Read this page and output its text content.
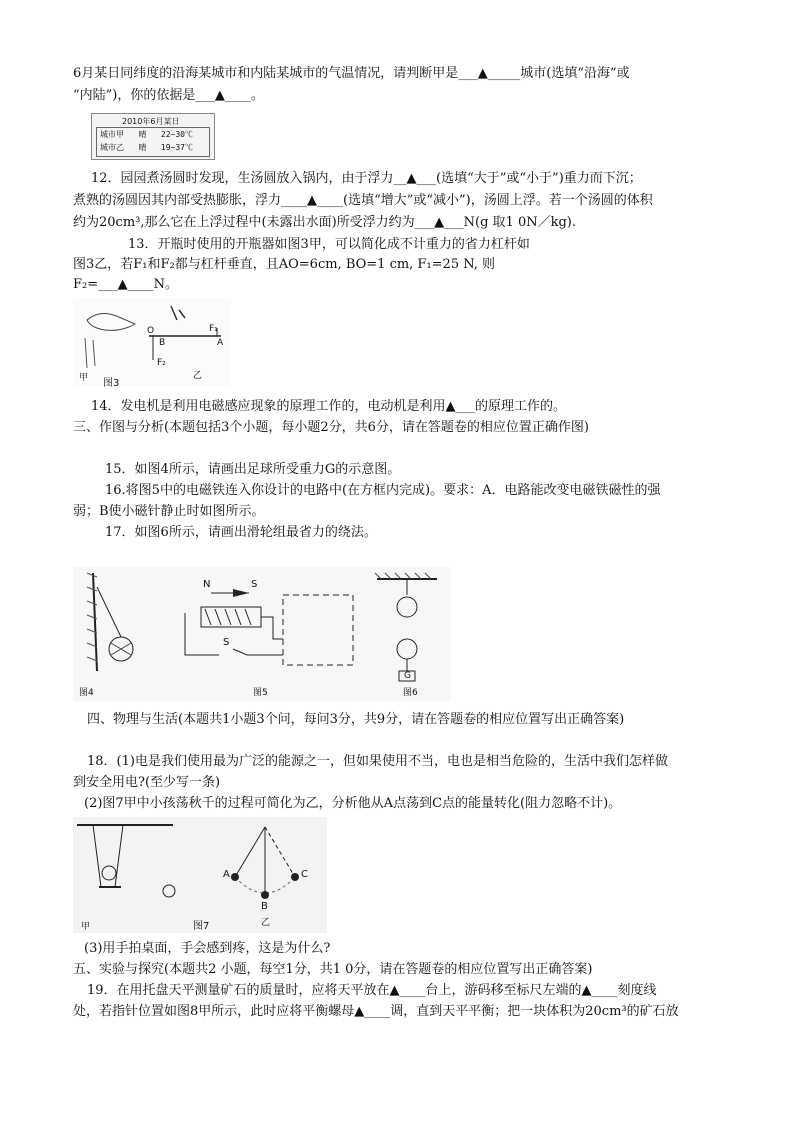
6月某日同纬度的沿海某城市和内陆某城市的气温情况，请判断甲是___▲_____城市(选填“沿海”或
“内陆”)，你的依据是___▲____。
2010年6月某日
城市甲   晴   22~30℃
城市乙   晴   19~37℃
12．园园煮汤圆时发现，生汤圆放入锅内，由于浮力__▲___(选填“大于”或“小于”)重力而下沉；
煮熟的汤圆因其内部受热膨胀，浮力____▲____(选填“增大”或“减小”)，汤圆上浮。若一个汤圆的体积
约为20cm³,那么它在上浮过程中(未露出水面)所受浮力约为___▲___N(g 取1 0N／kg).
13．开瓶时使用的开瓶器如图3甲，可以简化成不计重力的省力杠杆如
图3乙，若F₁和F₂都与杠杆垂直，且AO=6cm, BO=1 cm, F₁=25 N, 则
F₂=___▲____N。
O
B	A
F₁
F₂
甲 图3
乙
14．发电机是利用电磁感应现象的原理工作的，电动机是利用▲___的原理工作的。
三、作图与分析(本题包括3个小题，每小题2分，共6分，请在答题卷的相应位置正确作图)
15．如图4所示，请画出足球所受重力G的示意图。
16.将图5中的电磁铁连入你设计的电路中(在方框内完成)。要求：A．电路能改变电磁铁磁性的强
弱；B使小磁针静止时如图所示。
17．如图6所示，请画出滑轮组最省力的绕法。
N	S
S
G
图4	图5	图6
四、物理与生活(本题共1小题3个问，每问3分，共9分，请在答题卷的相应位置写出正确答案)
18．(1)电是我们使用最为广泛的能源之一，但如果使用不当，电也是相当危险的，生活中我们怎样做
到安全用电?(至少写一条)
(2)图7甲中小孩荡秋千的过程可简化为乙，分析他从A点荡到C点的能量转化(阻力忽略不计)。
A
B
C
乙
甲	图7
(3)用手拍桌面，手会感到疼，这是为什么?
五、实验与探究(本题共2 小题，每空1分，共1 0分，请在答题卷的相应位置写出正确答案)
19．在用托盘天平测量矿石的质量时，应将天平放在▲____台上，游码移至标尺左端的▲____刻度线
处，若指针位置如图8甲所示，此时应将平衡螺母▲____调，直到天平平衡；把一块体积为20cm³的矿石放
